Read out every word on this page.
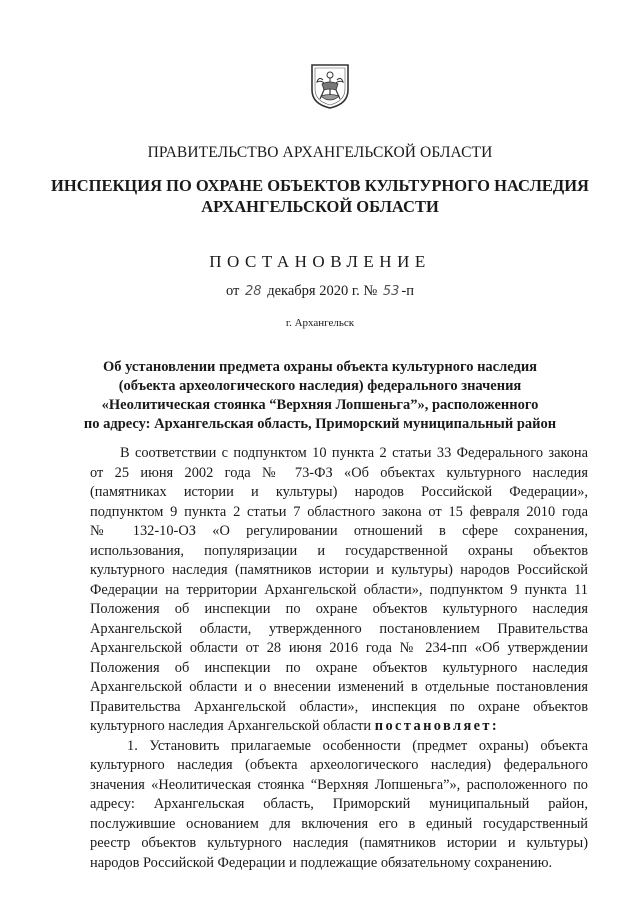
ПРАВИТЕЛЬСТВО АРХАНГЕЛЬСКОЙ ОБЛАСТИ
ИНСПЕКЦИЯ ПО ОХРАНЕ ОБЪЕКТОВ КУЛЬТУРНОГО НАСЛЕДИЯ
АРХАНГЕЛЬСКОЙ ОБЛАСТИ
ПОСТАНОВЛЕНИЕ
от 28 декабря 2020 г. № 53 -п
г. Архангельск
Об установлении предмета охраны объекта культурного наследия
(объекта археологического наследия) федерального значения
«Неолитическая стоянка “Верхняя Лопшеньга”», расположенного
по адресу: Архангельская область, Приморский муниципальный район
В соответствии с подпунктом 10 пункта 2 статьи 33 Федерального закона
от 25 июня 2002 года № 73-ФЗ «Об объектах культурного наследия
(памятниках истории и культуры) народов Российской Федерации»,
подпунктом 9 пункта 2 статьи 7 областного закона от 15 февраля 2010 года
№ 132-10-ОЗ «О регулировании отношений в сфере сохранения,
использования, популяризации и государственной охраны объектов
культурного наследия (памятников истории и культуры) народов Российской
Федерации на территории Архангельской области», подпунктом 9 пункта 11
Положения об инспекции по охране объектов культурного наследия
Архангельской области, утвержденного постановлением Правительства
Архангельской области от 28 июня 2016 года № 234-пп «Об утверждении
Положения об инспекции по охране объектов культурного наследия
Архангельской области и о внесении изменений в отдельные постановления
Правительства Архангельской области», инспекция по охране объектов
культурного наследия Архангельской области постановляет:
1. Установить прилагаемые особенности (предмет охраны) объекта
культурного наследия (объекта археологического наследия) федерального
значения «Неолитическая стоянка “Верхняя Лопшеньга”», расположенного по
адресу: Архангельская область, Приморский муниципальный район,
послужившие основанием для включения его в единый государственный
реестр объектов культурного наследия (памятников истории и культуры)
народов Российской Федерации и подлежащие обязательному сохранению.
